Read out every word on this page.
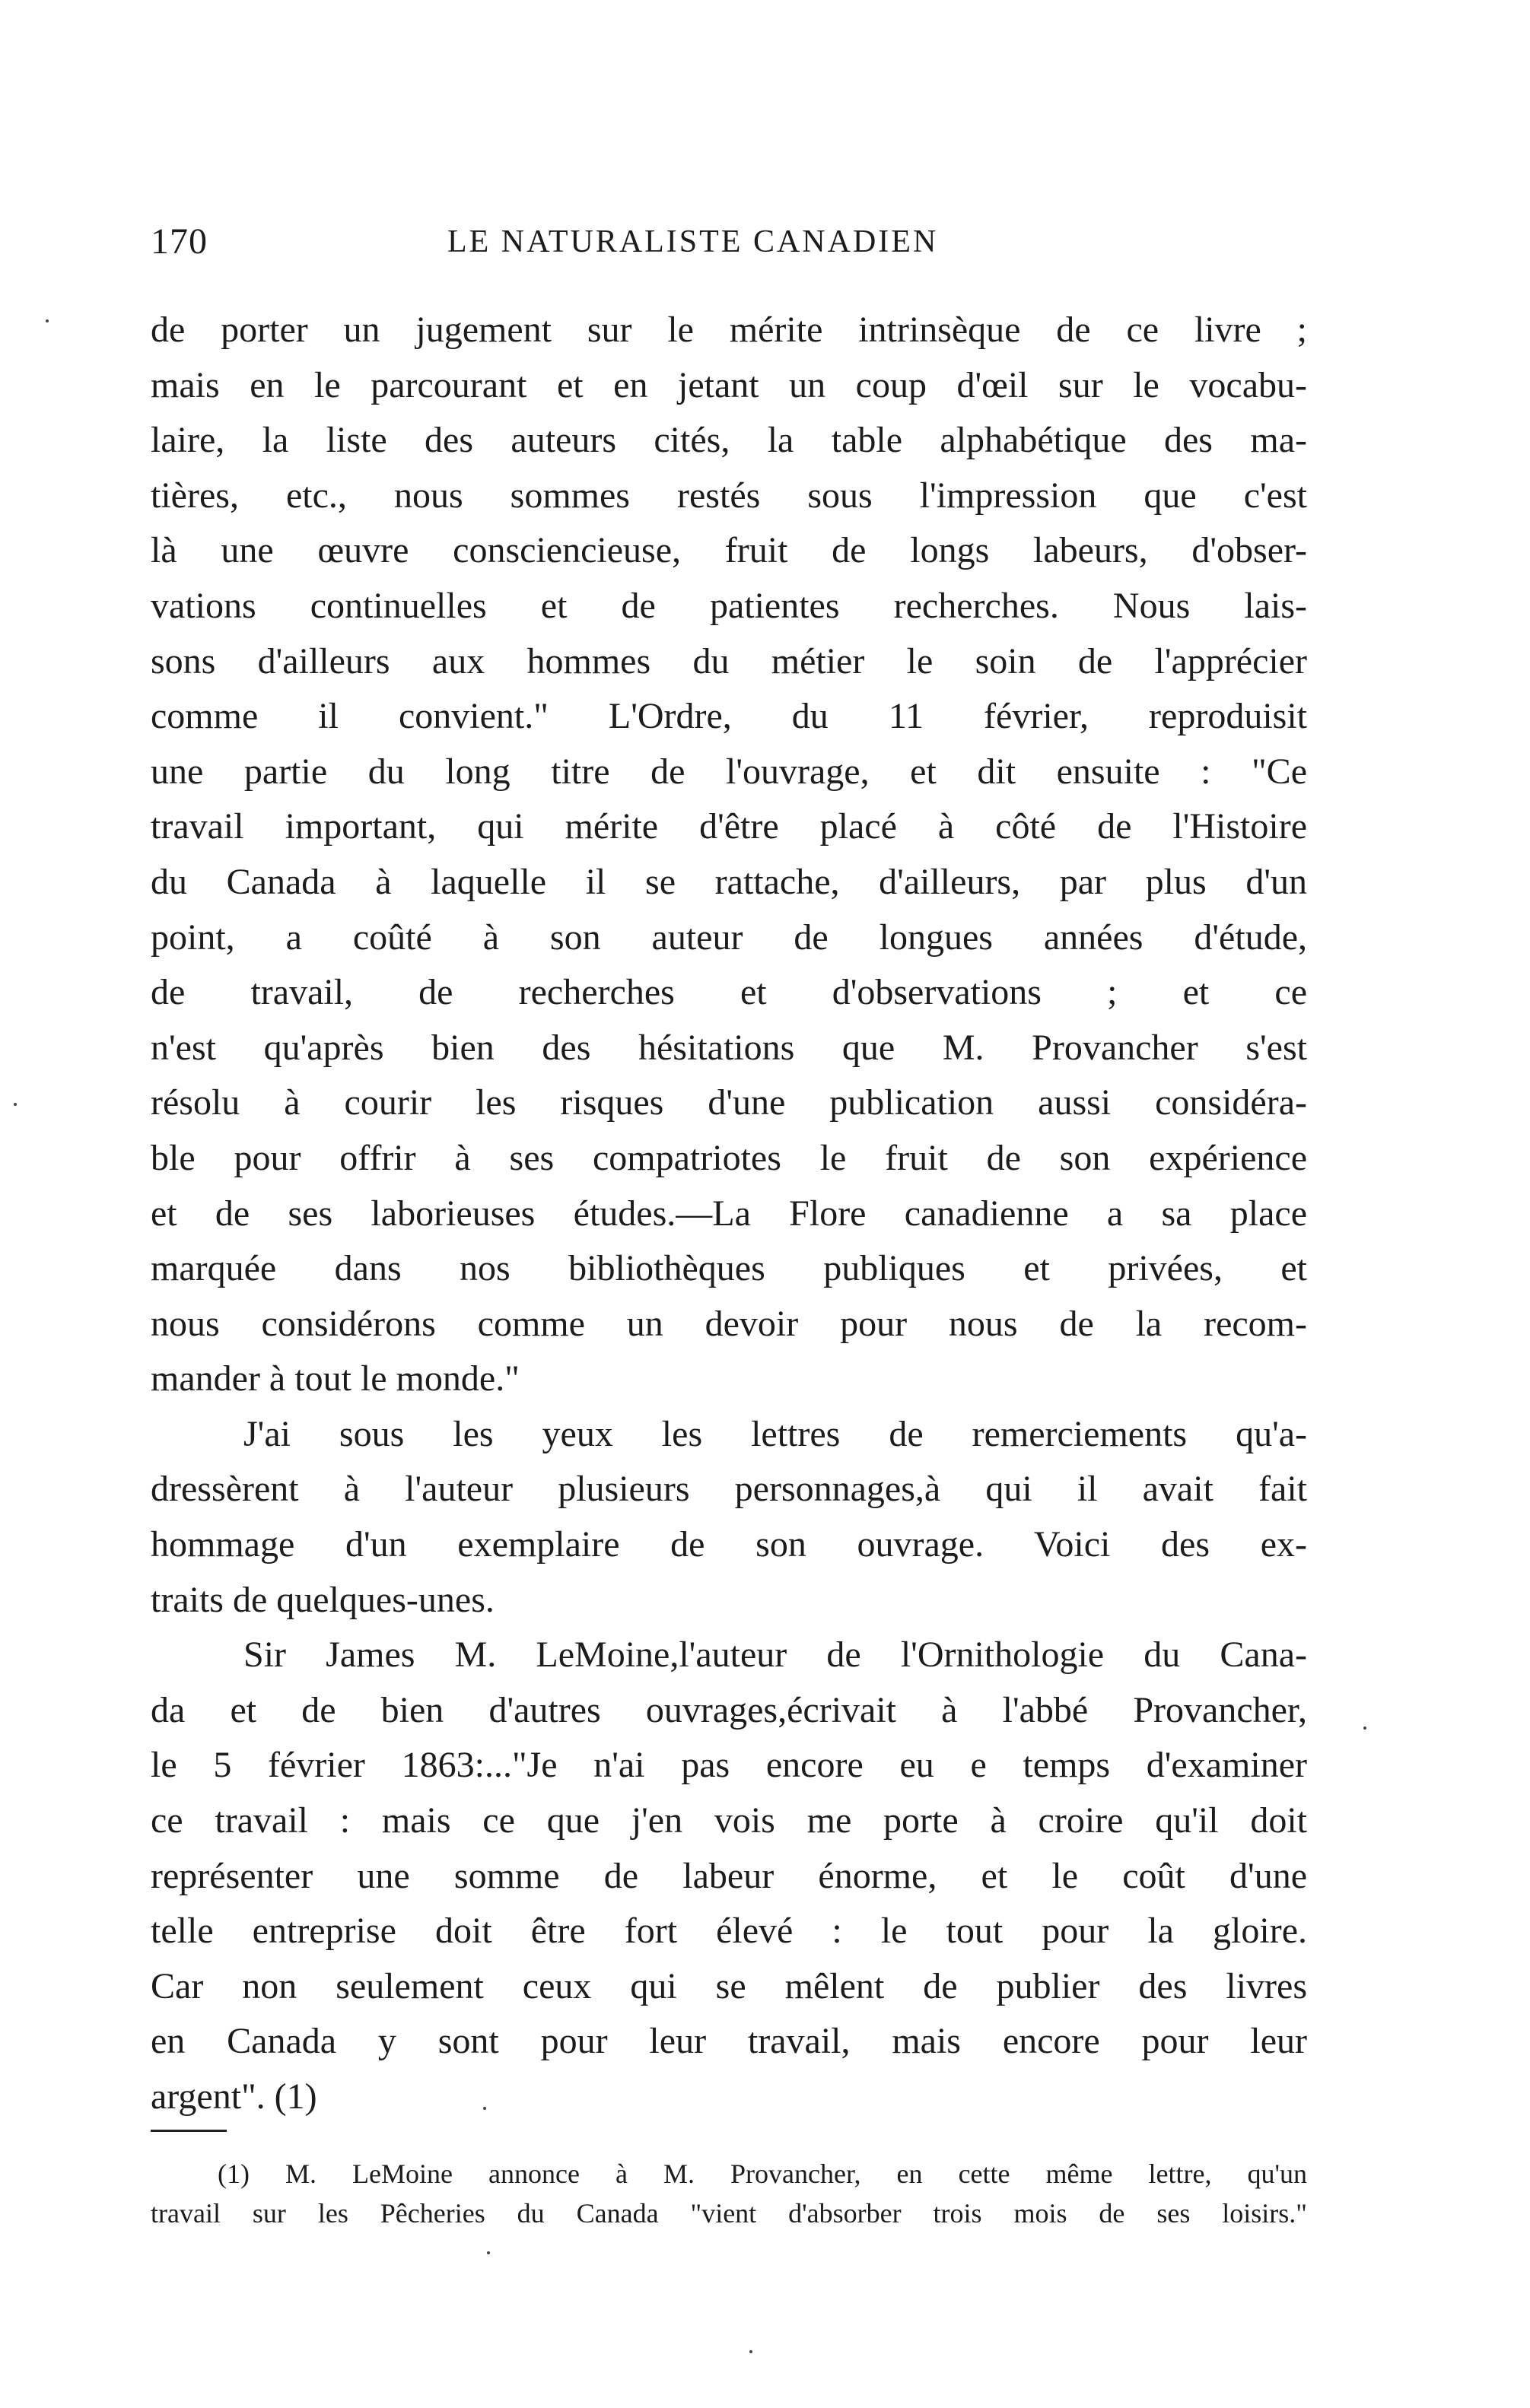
170	LE NATURALISTE CANADIEN
de porter un jugement sur le mérite intrinsèque de ce livre ;
mais en le parcourant et en jetant un coup d'œil sur le vocabu-
laire, la liste des auteurs cités, la table alphabétique des ma-
tières, etc., nous sommes restés sous l'impression que c'est
là une œuvre consciencieuse, fruit de longs labeurs, d'obser-
vations continuelles et de patientes recherches. Nous lais-
sons d'ailleurs aux hommes du métier le soin de l'apprécier
comme il convient." L'Ordre, du 11 février, reproduisit
une partie du long titre de l'ouvrage, et dit ensuite : "Ce
travail important, qui mérite d'être placé à côté de l'Histoire
du Canada à laquelle il se rattache, d'ailleurs, par plus d'un
point, a coûté à son auteur de longues années d'étude,
de travail, de recherches et d'observations ; et ce
n'est qu'après bien des hésitations que M. Provancher s'est
résolu à courir les risques d'une publication aussi considéra-
ble pour offrir à ses compatriotes le fruit de son expérience
et de ses laborieuses études.—La Flore canadienne a sa place
marquée dans nos bibliothèques publiques et privées, et
nous considérons comme un devoir pour nous de la recom-
mander à tout le monde."
J'ai sous les yeux les lettres de remerciements qu'a-
dressèrent à l'auteur plusieurs personnages,à qui il avait fait
hommage d'un exemplaire de son ouvrage. Voici des ex-
traits de quelques-unes.
Sir James M. LeMoine,l'auteur de l'Ornithologie du Cana-
da et de bien d'autres ouvrages,écrivait à l'abbé Provancher,
le 5 février 1863:..."Je n'ai pas encore eu e temps d'examiner
ce travail : mais ce que j'en vois me porte à croire qu'il doit
représenter une somme de labeur énorme, et le coût d'une
telle entreprise doit être fort élevé : le tout pour la gloire.
Car non seulement ceux qui se mêlent de publier des livres
en Canada y sont pour leur travail, mais encore pour leur
argent". (1)
(1) M. LeMoine annonce à M. Provancher, en cette même lettre, qu'un
travail sur les Pêcheries du Canada "vient d'absorber trois mois de ses loisirs."
